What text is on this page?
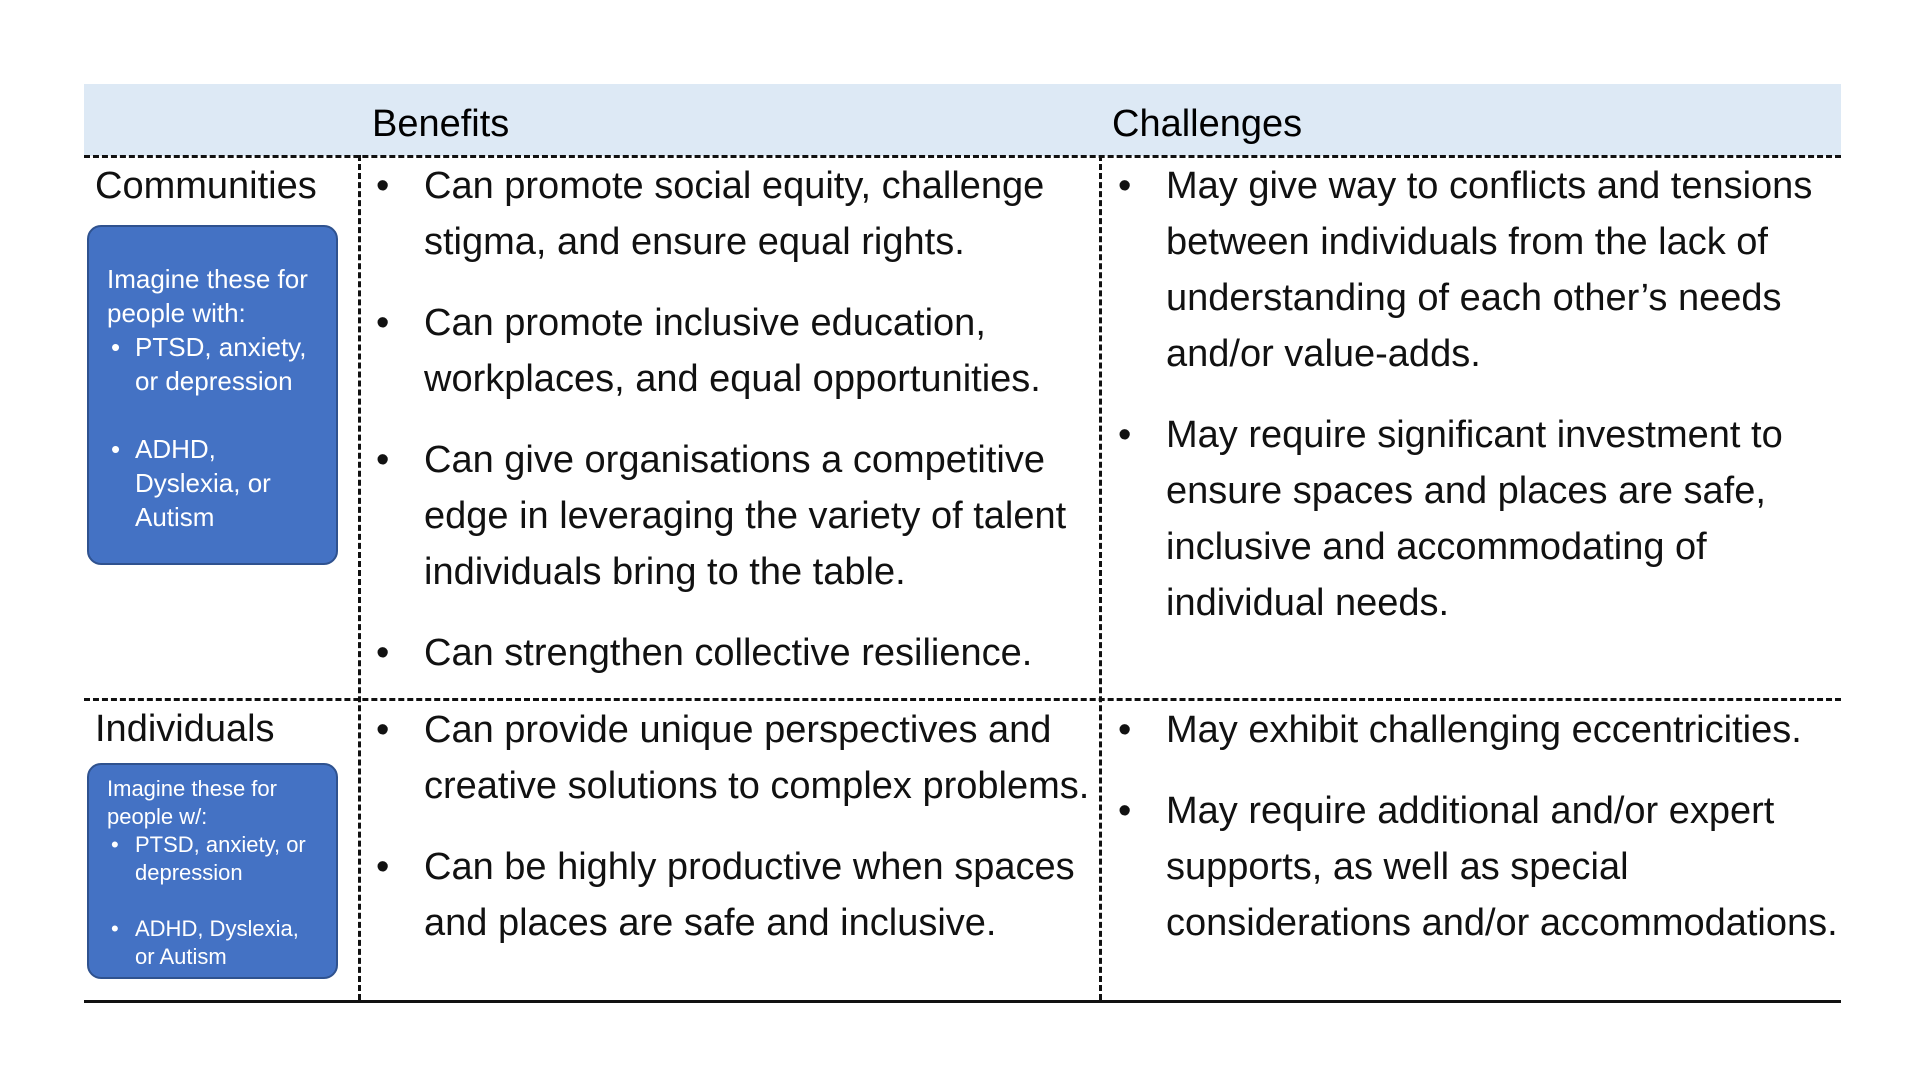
Benefits	Challenges
Communities
Imagine these for people with:
• PTSD, anxiety, or depression
• ADHD, Dyslexia, or Autism
• Can promote social equity, challenge stigma, and ensure equal rights.
• Can promote inclusive education, workplaces, and equal opportunities.
• Can give organisations a competitive edge in leveraging the variety of talent individuals bring to the table.
• Can strengthen collective resilience.
• May give way to conflicts and tensions between individuals from the lack of understanding of each other’s needs and/or value-adds.
• May require significant investment to ensure spaces and places are safe, inclusive and accommodating of individual needs.
Individuals
Imagine these for people w/:
• PTSD, anxiety, or depression
• ADHD, Dyslexia, or Autism
• Can provide unique perspectives and creative solutions to complex problems.
• Can be highly productive when spaces and places are safe and inclusive.
• May exhibit challenging eccentricities.
• May require additional and/or expert supports, as well as special considerations and/or accommodations.
